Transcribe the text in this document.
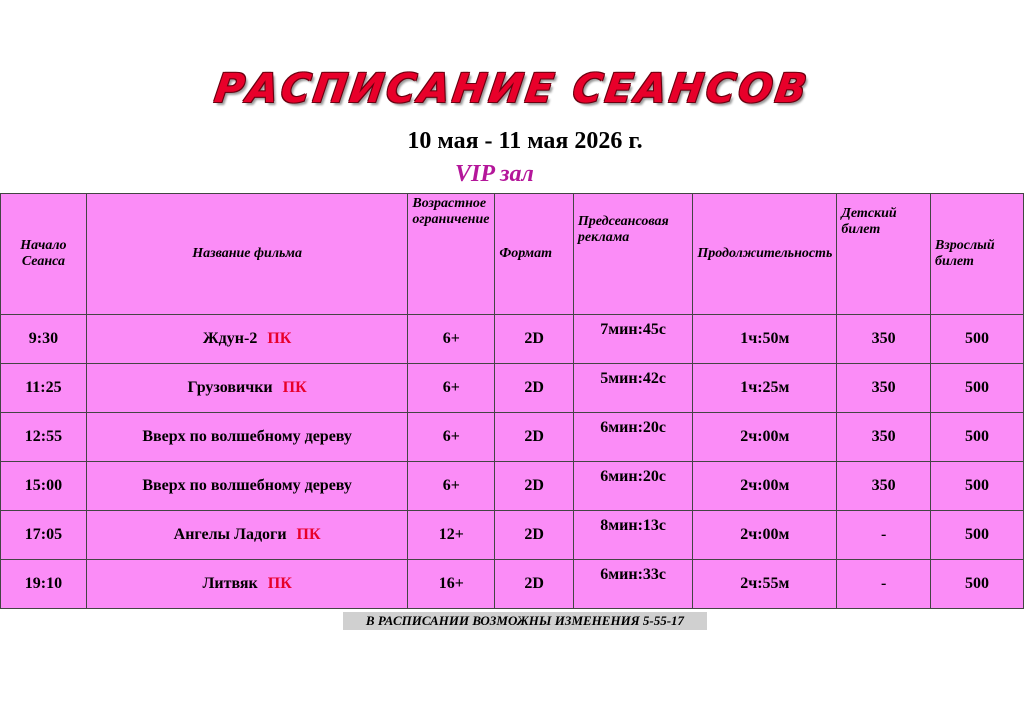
РАСПИСАНИЕ СЕАНСОВ
10 мая - 11 мая 2026 г.
VIP зал
Начало Сеанса	Название фильма	Возрастное ограничение	Формат	Предсеансовая реклама	Продолжительность	Детский билет	Взрослый билет
9:30	Ждун-2 ПК	6+	2D	7мин:45с	1ч:50м	350	500
11:25	Грузовички ПК	6+	2D	5мин:42с	1ч:25м	350	500
12:55	Вверх по волшебному дереву	6+	2D	6мин:20с	2ч:00м	350	500
15:00	Вверх по волшебному дереву	6+	2D	6мин:20с	2ч:00м	350	500
17:05	Ангелы Ладоги ПК	12+	2D	8мин:13с	2ч:00м	-	500
19:10	Литвяк ПК	16+	2D	6мин:33с	2ч:55м	-	500
В РАСПИСАНИИ ВОЗМОЖНЫ ИЗМЕНЕНИЯ 5-55-17
